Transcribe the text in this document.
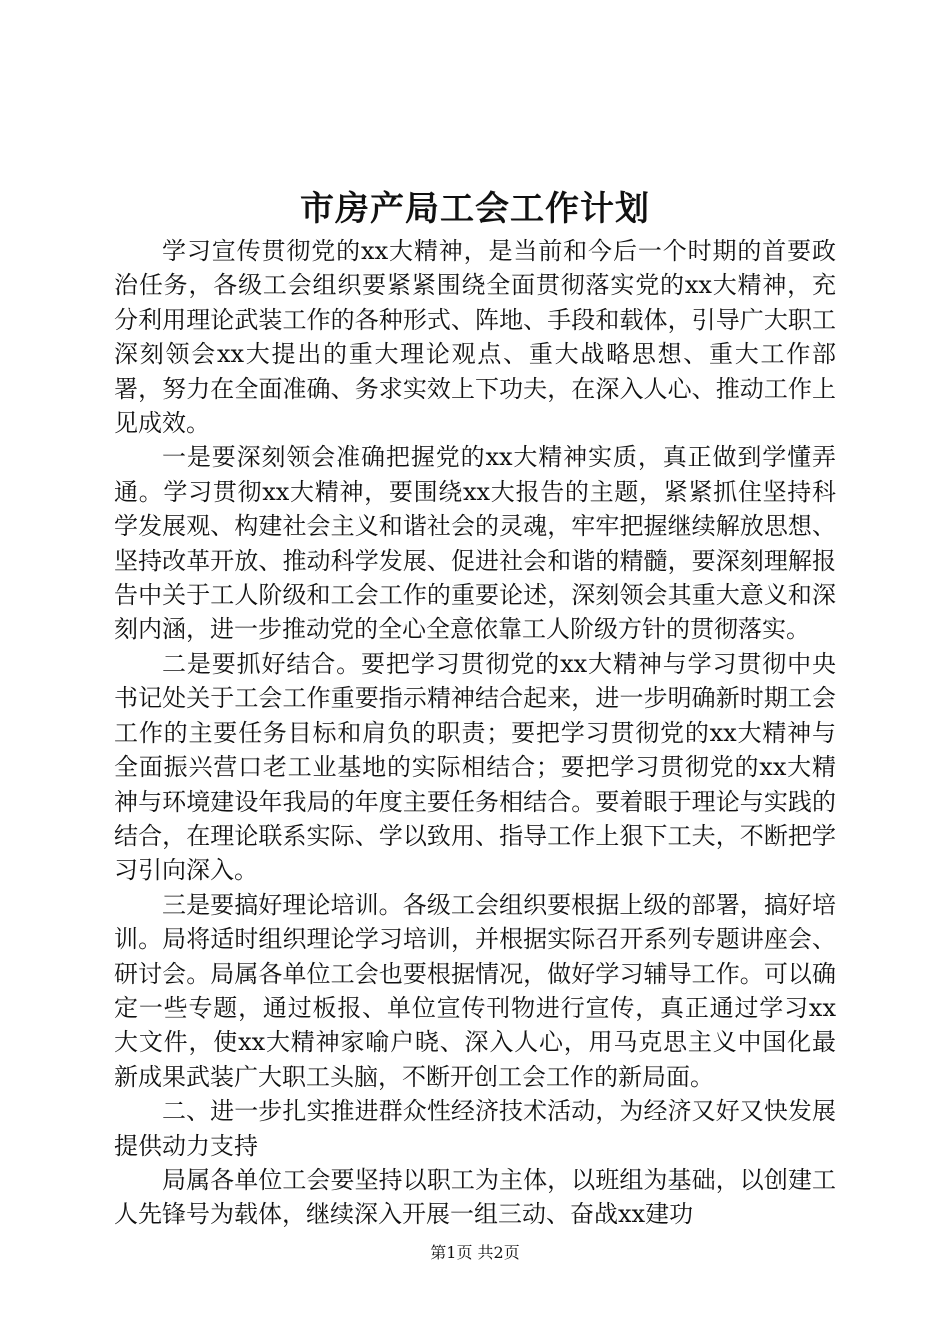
市房产局工会工作计划

学习宣传贯彻党的xx大精神，是当前和今后一个时期的首要政治任务，各级工会组织要紧紧围绕全面贯彻落实党的xx大精神，充分利用理论武装工作的各种形式、阵地、手段和载体，引导广大职工深刻领会xx大提出的重大理论观点、重大战略思想、重大工作部署，努力在全面准确、务求实效上下功夫，在深入人心、推动工作上见成效。

一是要深刻领会准确把握党的xx大精神实质，真正做到学懂弄通。学习贯彻xx大精神，要围绕xx大报告的主题，紧紧抓住坚持科学发展观、构建社会主义和谐社会的灵魂，牢牢把握继续解放思想、坚持改革开放、推动科学发展、促进社会和谐的精髓，要深刻理解报告中关于工人阶级和工会工作的重要论述，深刻领会其重大意义和深刻内涵，进一步推动党的全心全意依靠工人阶级方针的贯彻落实。

二是要抓好结合。要把学习贯彻党的xx大精神与学习贯彻中央书记处关于工会工作重要指示精神结合起来，进一步明确新时期工会工作的主要任务目标和肩负的职责；要把学习贯彻党的xx大精神与全面振兴营口老工业基地的实际相结合；要把学习贯彻党的xx大精神与环境建设年我局的年度主要任务相结合。要着眼于理论与实践的结合，在理论联系实际、学以致用、指导工作上狠下工夫，不断把学习引向深入。

三是要搞好理论培训。各级工会组织要根据上级的部署，搞好培训。局将适时组织理论学习培训，并根据实际召开系列专题讲座会、研讨会。局属各单位工会也要根据情况，做好学习辅导工作。可以确定一些专题，通过板报、单位宣传刊物进行宣传，真正通过学习xx大文件，使xx大精神家喻户晓、深入人心，用马克思主义中国化最新成果武装广大职工头脑，不断开创工会工作的新局面。

二、进一步扎实推进群众性经济技术活动，为经济又好又快发展提供动力支持

局属各单位工会要坚持以职工为主体，以班组为基础，以创建工人先锋号为载体，继续深入开展一组三动、奋战xx建功

第1页 共2页
